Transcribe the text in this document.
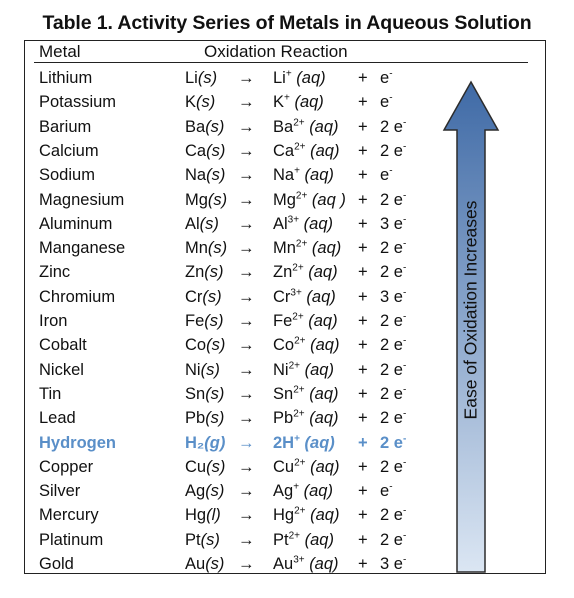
Table 1. Activity Series of Metals in Aqueous Solution
Metal	Oxidation Reaction
Lithium	Li(s) → Li+ (aq) + e-
Potassium	K(s) → K+ (aq) + e-
Barium	$Ba(s) \to Ba^{2+}$ (aq) + 2 e-
Calcium	$Ca(s) \to Ca^{2+}$ (aq) + 2 e-
Sodium	Na(s) → Na+ (aq) + e-
Magnesium	$Mg(s) \to Mg^{2+}$ (aq ) + 2 e-
Aluminum	$Al(s) \to Al^{3+}$ (aq) + 3 e-
Manganese	$Mn(s) \to Mn^{2+}$ (aq) + 2 e-
Zinc	$Zn(s) \to Zn^{2+}$ (aq) + 2 e-
Chromium	$Cr(s) \to Cr^{3+}$ (aq) + 3 e-
Iron	$Fe(s) \to Fe^{2+}$ (aq) + 2 e-
Cobalt	$Co(s) \to Co^{2+}$ (aq) + 2 e-
Nickel	$Ni(s) \to Ni^{2+}$ (aq) + 2 e-
Tin	$Sn(s) \to Sn^{2+}$ (aq) + 2 e-
Lead	$Pb(s) \to Pb^{2+}$ (aq) + 2 e-
Hydrogen	H₂(g) → 2H+ (aq) + 2 e-
Copper	$Cu(s) \to Cu^{2+}$ (aq) + 2 e-
Silver	Ag(s) → Ag+ (aq) + e-
Mercury	$Hg(l) \to Hg^{2+}$ (aq) + 2 e-
Platinum	$Pt(s) \to Pt^{2+}$ (aq) + 2 e-
Gold	$Au(s) \to Au^{3+}$ (aq) + 3 e-
Ease of Oxidation Increases
